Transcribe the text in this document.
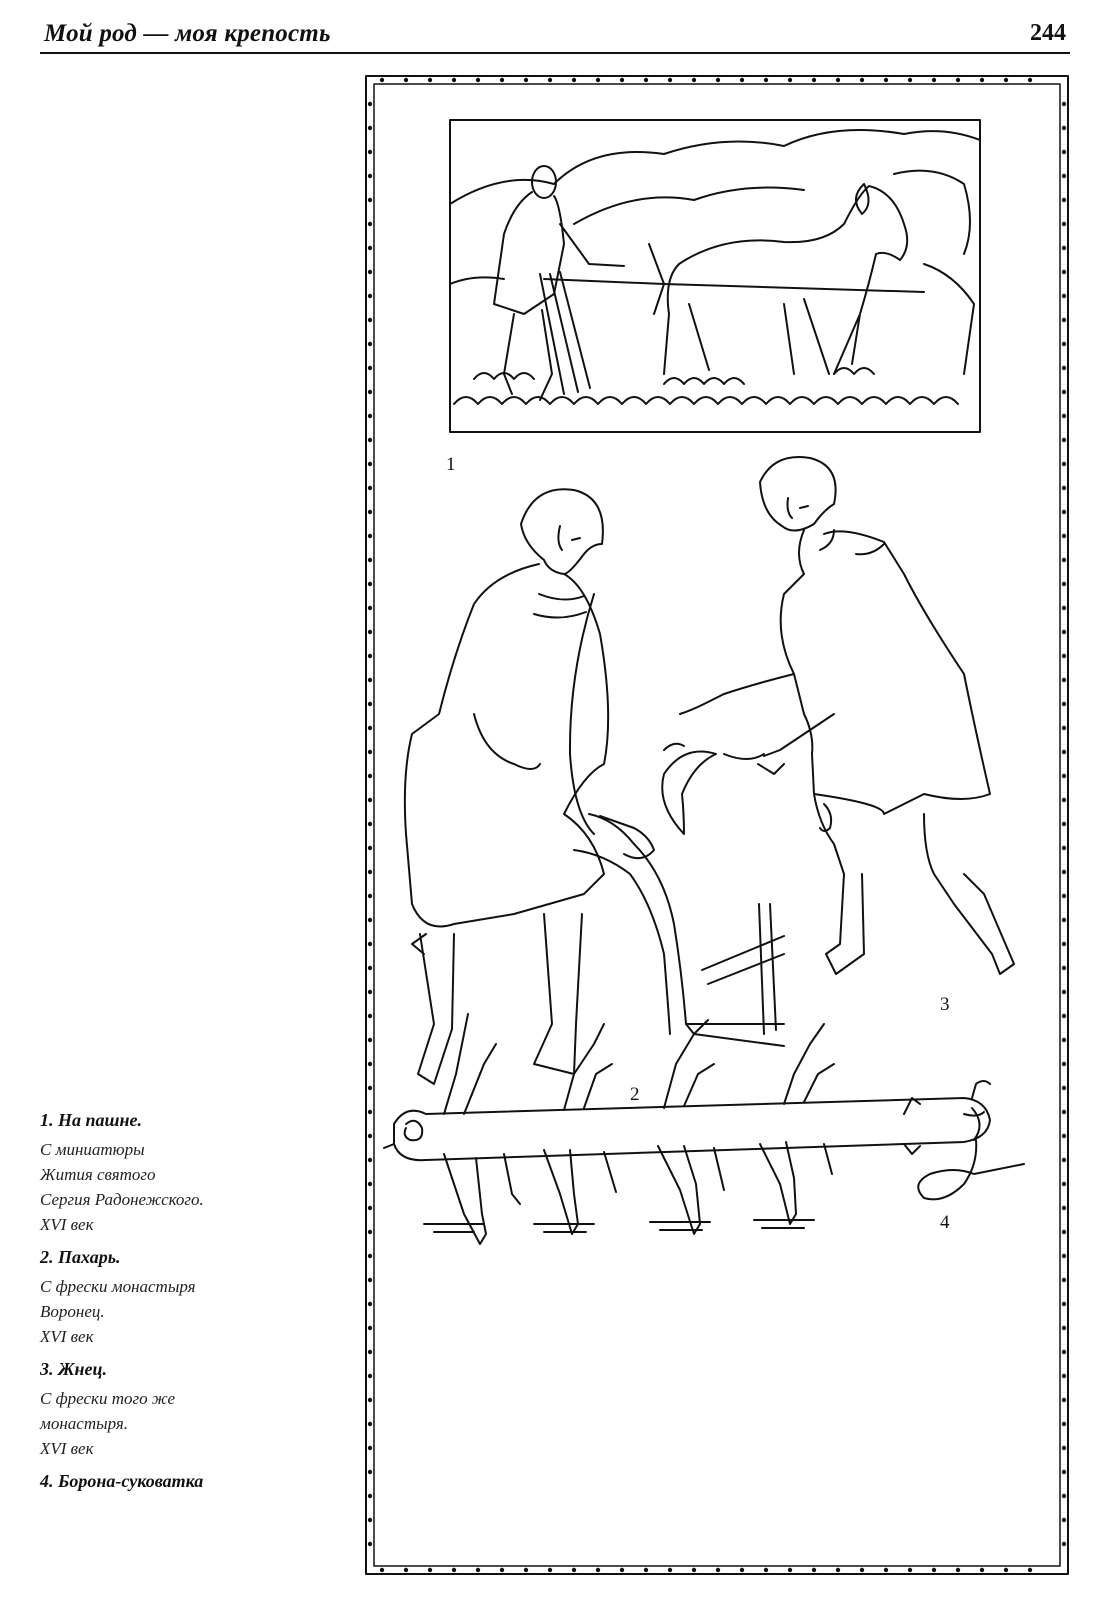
Мой род — моя крепость	244
1. На пашне.
С миниатюры
Жития святого
Сергия Радонежского.
XVI век
2. Пахарь.
С фрески монастыря
Воронец.
XVI век
3. Жнец.
С фрески того же
монастыря.
XVI век
4. Борона-суковатка
1
2
3
4
